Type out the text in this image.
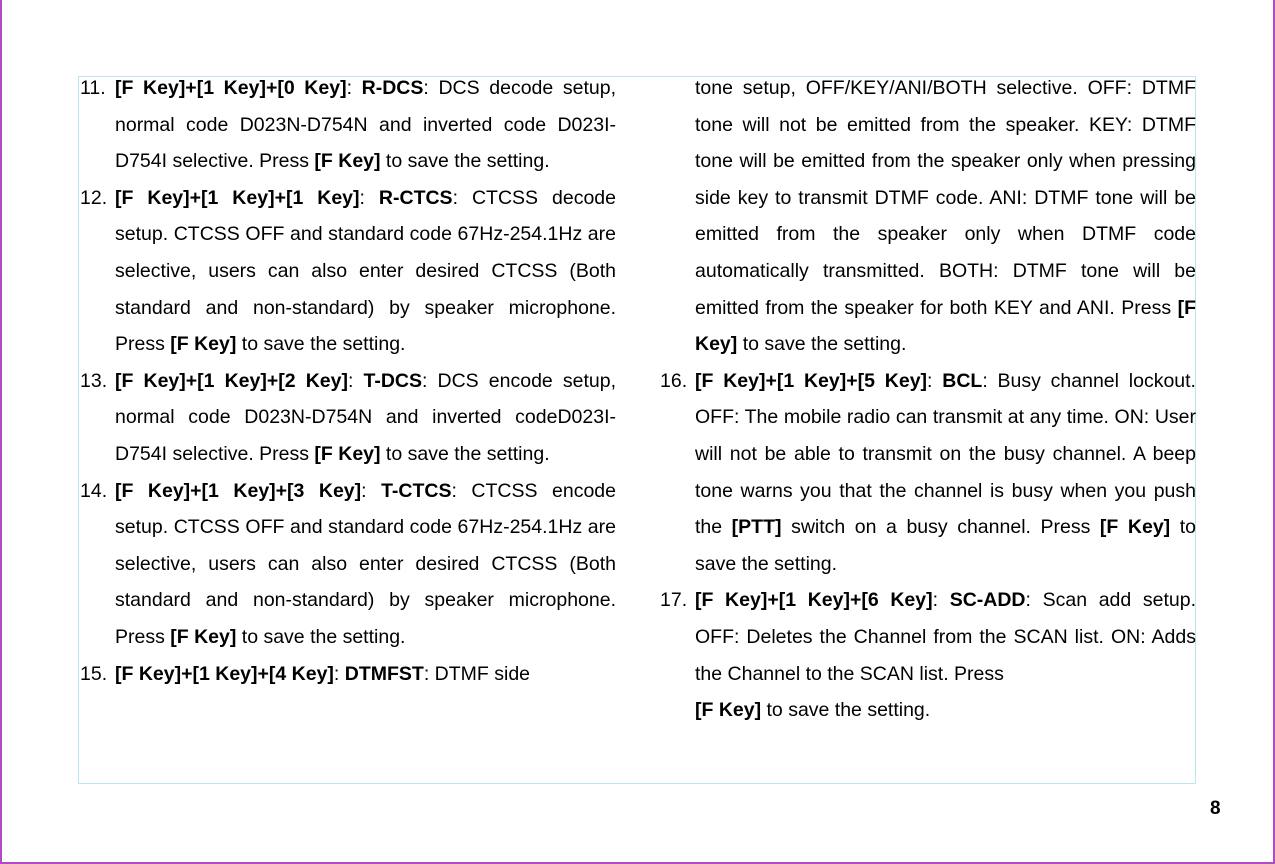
11. [F Key]+[1 Key]+[0 Key]: R-DCS: DCS decode setup, normal code D023N-D754N and inverted code D023I-D754I selective. Press [F Key] to save the setting.
12. [F Key]+[1 Key]+[1 Key]: R-CTCS: CTCSS decode setup. CTCSS OFF and standard code 67Hz-254.1Hz are selective, users can also enter desired CTCSS (Both standard and non-standard) by speaker microphone. Press [F Key] to save the setting.
13. [F Key]+[1 Key]+[2 Key]: T-DCS: DCS encode setup, normal code D023N-D754N and inverted codeD023I-D754I selective. Press [F Key] to save the setting.
14. [F Key]+[1 Key]+[3 Key]: T-CTCS: CTCSS encode setup. CTCSS OFF and standard code 67Hz-254.1Hz are selective, users can also enter desired CTCSS (Both standard and non-standard) by speaker microphone. Press [F Key] to save the setting.
15. [F Key]+[1 Key]+[4 Key]: DTMFST: DTMF side
tone setup, OFF/KEY/ANI/BOTH selective. OFF: DTMF tone will not be emitted from the speaker. KEY: DTMF tone will be emitted from the speaker only when pressing side key to transmit DTMF code. ANI: DTMF tone will be emitted from the speaker only when DTMF code automatically transmitted. BOTH: DTMF tone will be emitted from the speaker for both KEY and ANI. Press [F Key] to save the setting.
16. [F Key]+[1 Key]+[5 Key]: BCL: Busy channel lockout. OFF: The mobile radio can transmit at any time. ON: User will not be able to transmit on the busy channel. A beep tone warns you that the channel is busy when you push the [PTT] switch on a busy channel. Press [F Key] to save the setting.
17. [F Key]+[1 Key]+[6 Key]: SC-ADD: Scan add setup. OFF: Deletes the Channel from the SCAN list. ON: Adds the Channel to the SCAN list. Press
[F Key] to save the setting.
8
